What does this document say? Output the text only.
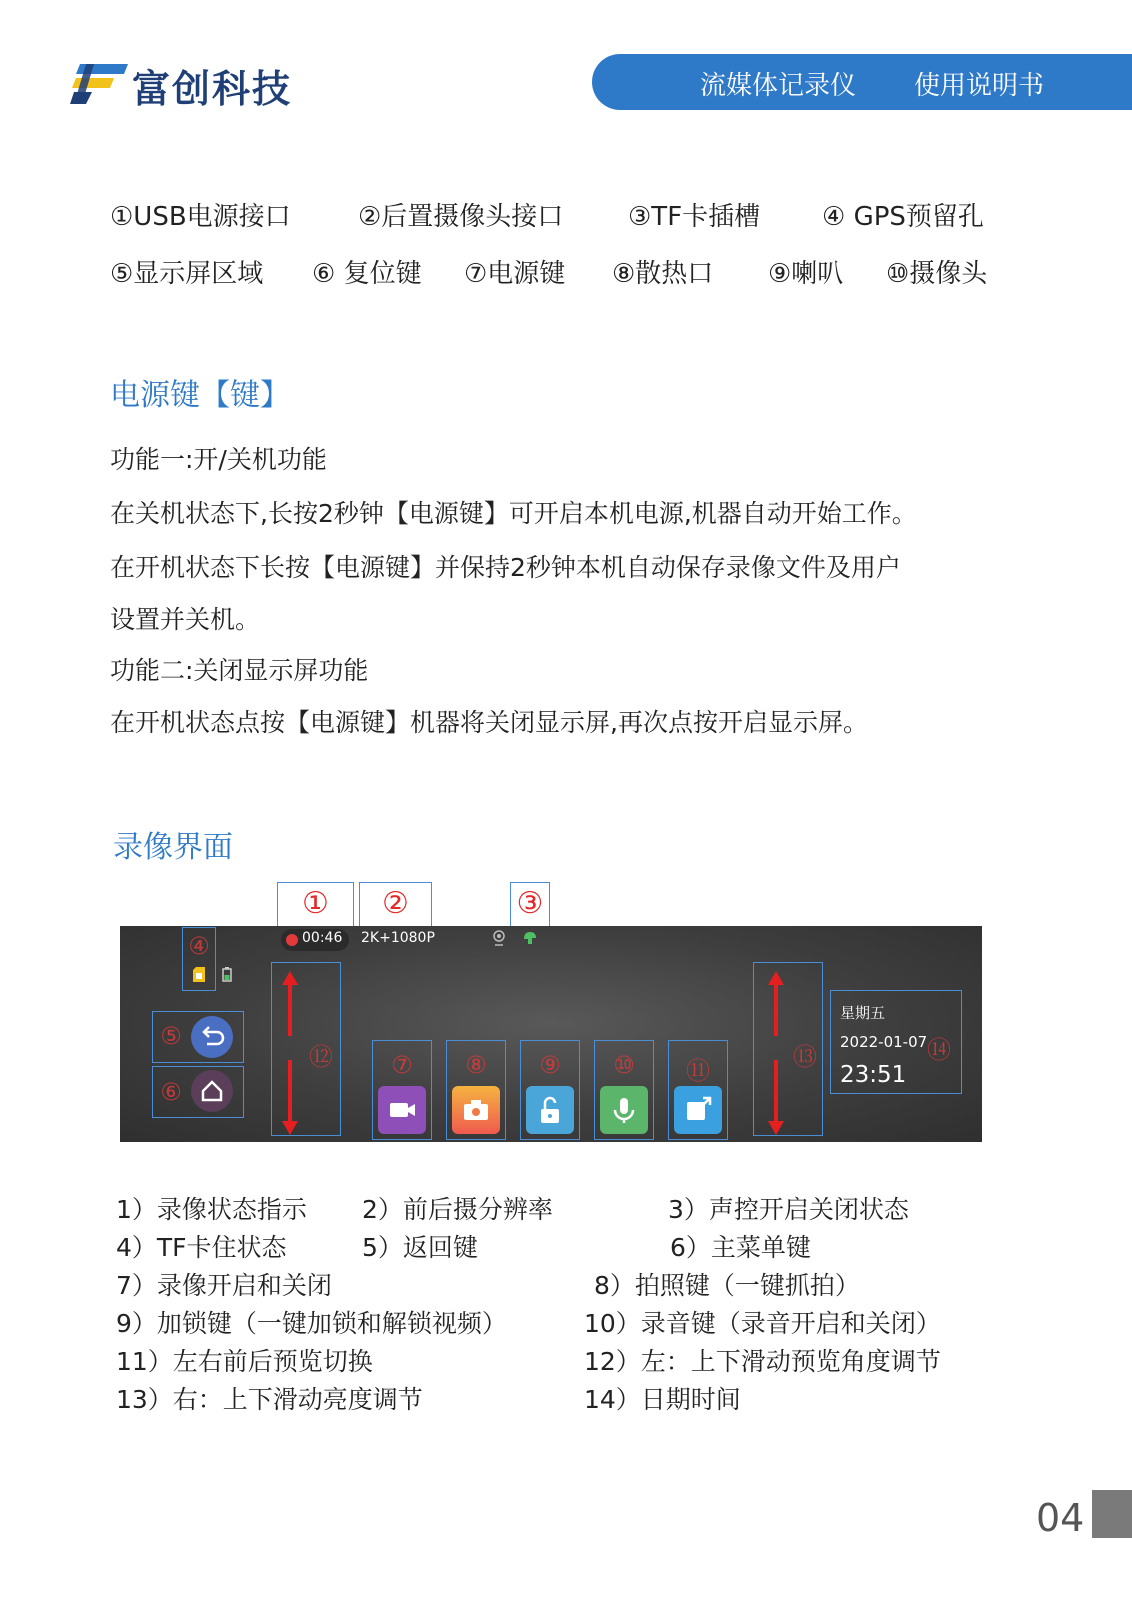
富创科技	流媒体记录仪 使用说明书
①USB电源接口	②后置摄像头接口 ③TF卡插槽 ④ GPS预留孔
⑤显示屏区域 ⑥ 复位键 ⑦电源键 ⑧散热口 ⑨喇叭 ⑩摄像头
电源键【键】
功能一:开/关机功能
在关机状态下,长按2秒钟【电源键】可开启本机电源,机器自动开始工作。
在开机状态下长按【电源键】并保持2秒钟本机自动保存录像文件及用户
设置并关机。
功能二:关闭显示屏功能
在开机状态点按【电源键】机器将关闭显示屏,再次点按开启显示屏。
录像界面
①	②	③
00:46 2K+1080P
④
⑤
⑥
⑫	⑦	⑧	⑨	⑩	⑪	⑬
星期五
2022-01-07
23:51
⑭
1）录像状态指示 2）前后摄分辨率	3）声控开启关闭状态
4）TF卡住状态	5）返回键	6）主菜单键
7）录像开启和关闭	8）拍照键（一键抓拍）
9）加锁键（一键加锁和解锁视频）	10）录音键（录音开启和关闭）
11）左右前后预览切换	12）左：上下滑动预览角度调节
13）右：上下滑动亮度调节	14）日期时间
04
